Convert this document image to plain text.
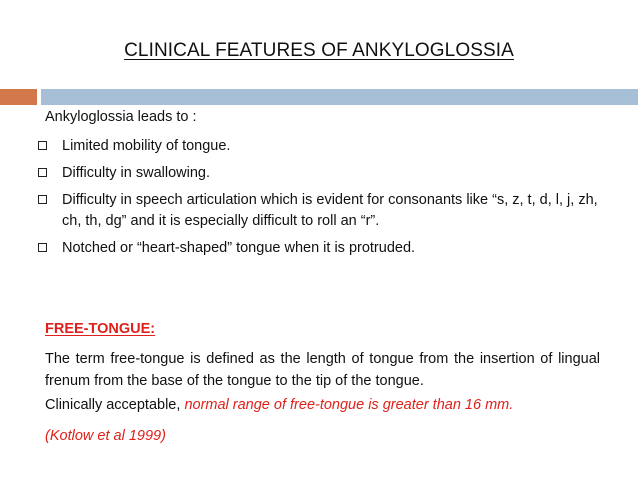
CLINICAL FEATURES OF ANKYLOGLOSSIA
Ankyloglossia leads to :
Limited mobility of tongue.
Difficulty in swallowing.
Difficulty in speech articulation which is evident for consonants like “s, z, t, d, l, j, zh, ch, th, dg” and it is especially difficult to roll an “r”.
Notched or “heart-shaped” tongue when it is protruded.
FREE-TONGUE:
The term free-tongue is defined as the length of tongue from the insertion of lingual frenum from the base of the tongue to the tip of the tongue.
Clinically acceptable, normal range of free-tongue is greater than 16 mm.
(Kotlow et al 1999)
